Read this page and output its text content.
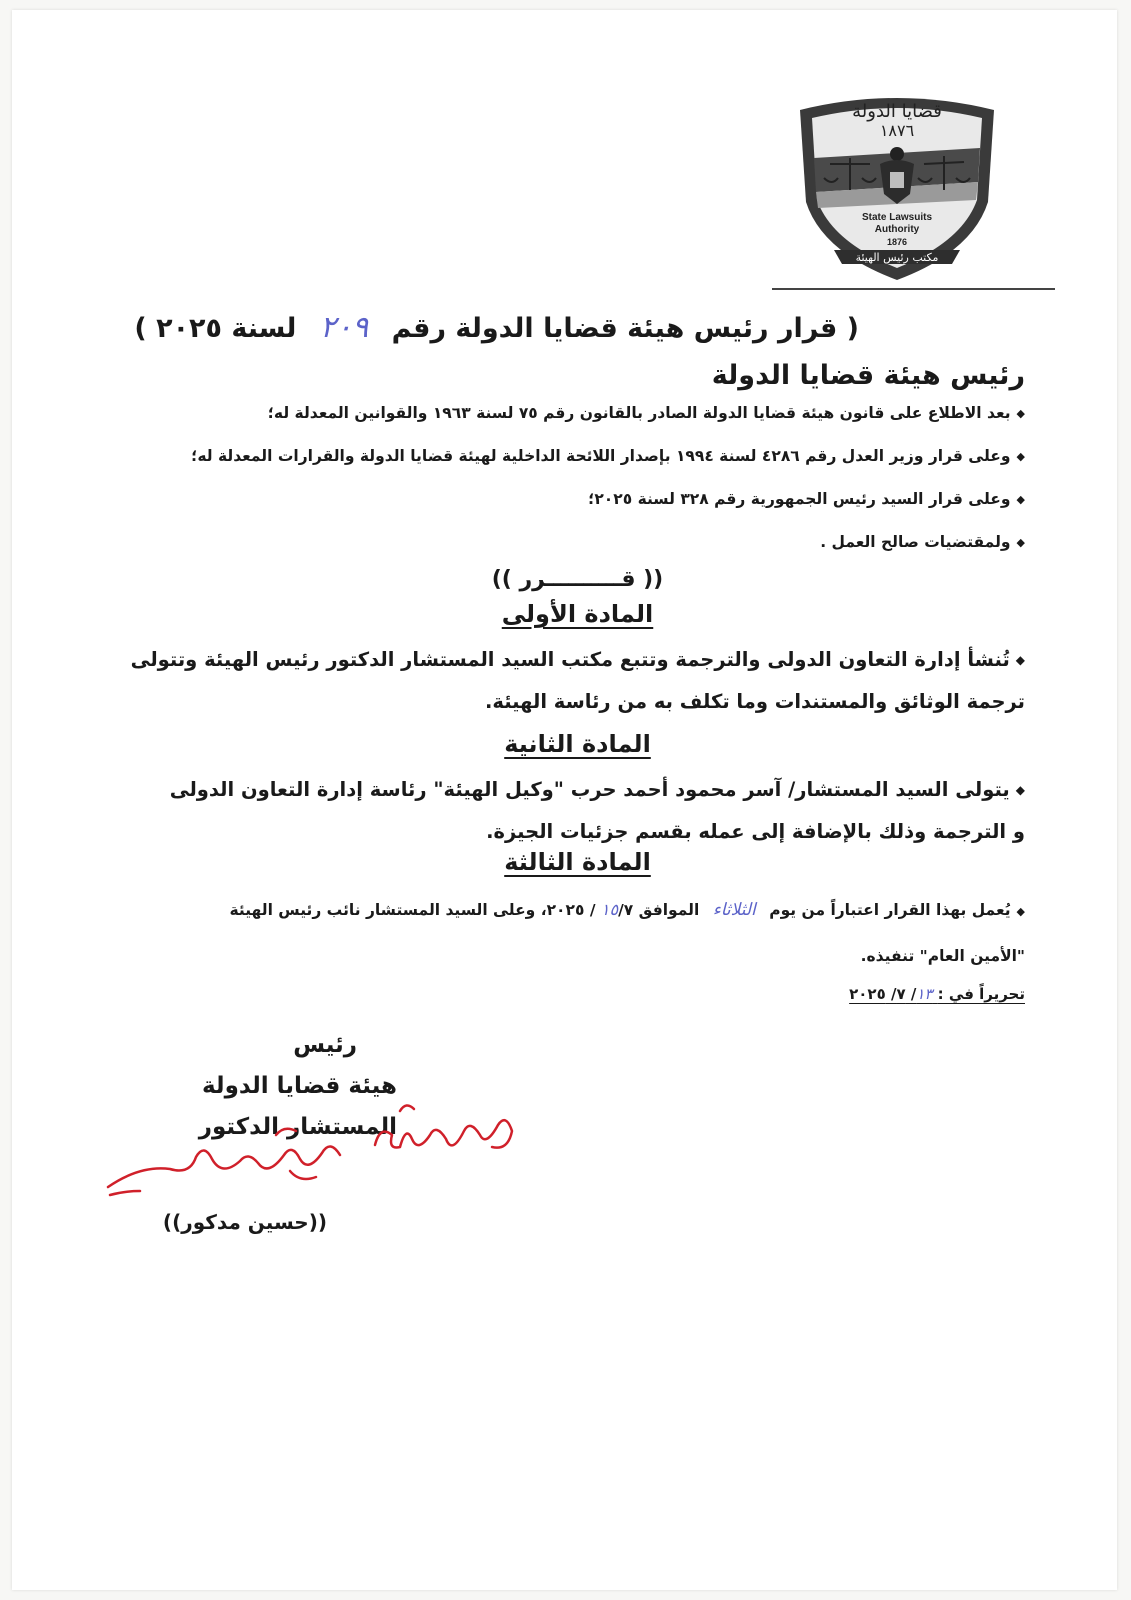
قضايا الدولة
١٨٧٦
State Lawsuits
Authority
1876
مكتب رئيس الهيئة
( قرار رئيس هيئة قضايا الدولة رقم ٢٠٩ لسنة ٢٠٢٥ )
رئيس هيئة قضايا الدولة
◆ بعد الاطلاع على قانون هيئة قضايا الدولة الصادر بالقانون رقم ٧٥ لسنة ١٩٦٣ والقوانين المعدلة له؛
◆ وعلى قرار وزير العدل رقم ٤٢٨٦ لسنة ١٩٩٤ بإصدار اللائحة الداخلية لهيئة قضايا الدولة والقرارات المعدلة له؛
◆ وعلى قرار السيد رئيس الجمهورية رقم ٣٢٨ لسنة ٢٠٢٥؛
◆ ولمقتضيات صالح العمل .
(( قــــــــــرر ))
المادة الأولى
◆تُنشأ إدارة التعاون الدولى والترجمة وتتبع مكتب السيد المستشار الدكتور رئيس الهيئة وتتولى
ترجمة الوثائق والمستندات وما تكلف به من رئاسة الهيئة.
المادة الثانية
◆يتولى السيد المستشار/ آسر محمود أحمد حرب "وكيل الهيئة" رئاسة إدارة التعاون الدولى
و الترجمة وذلك بالإضافة إلى عمله بقسم جزئيات الجيزة.
المادة الثالثة
◆يُعمل بهذا القرار اعتباراً من يوم الثلاثاء الموافق ١٥/٧ / ٢٠٢٥، وعلى السيد المستشار نائب رئيس الهيئة
"الأمين العام" تنفيذه.
تحريراً في : ١٣/ ٧/ ٢٠٢٥
رئيس
هيئة قضايا الدولة
المستشار الدكتور
((حسين مدكور))
